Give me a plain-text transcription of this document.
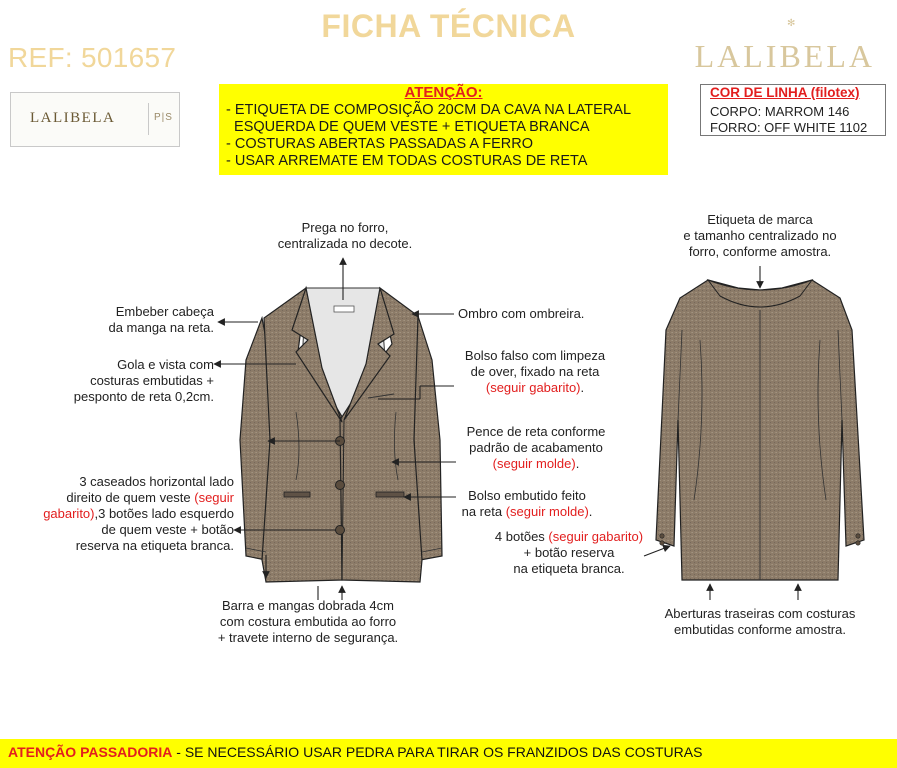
FICHA TÉCNICA
REF: 501657
✻
LALIBELA
LALIBELA	P|S
ATENÇÃO:
- ETIQUETA DE COMPOSIÇÃO 20CM DA CAVA NA LATERAL
ESQUERDA DE QUEM VESTE + ETIQUETA BRANCA
- COSTURAS ABERTAS PASSADAS A FERRO
- USAR ARREMATE EM TODAS COSTURAS DE RETA
COR DE LINHA (filotex)
CORPO: MARROM 146
FORRO: OFF WHITE 1102
Prega no forro,
centralizada no decote.
Embeber cabeça
da manga na reta.
Gola e vista com
costuras embutidas +
pesponto de reta 0,2cm.
3 caseados horizontal lado
direito de quem veste (seguir
gabarito),3 botões lado esquerdo
de quem veste + botão
reserva na etiqueta branca.
Barra e mangas dobrada 4cm
com costura embutida ao forro
+ travete interno de segurança.
Ombro com ombreira.
Bolso falso com limpeza
de over, fixado na reta
(seguir gabarito).
Pence de reta conforme
padrão de acabamento
(seguir molde).
Bolso embutido feito
na reta (seguir molde).
4 botões (seguir gabarito)
+ botão reserva
na etiqueta branca.
Etiqueta de marca
e tamanho centralizado no
forro, conforme amostra.
Aberturas traseiras com costuras
embutidas conforme amostra.
ATENÇÃO PASSADORIA - SE NECESSÁRIO USAR PEDRA PARA TIRAR OS FRANZIDOS DAS COSTURAS
